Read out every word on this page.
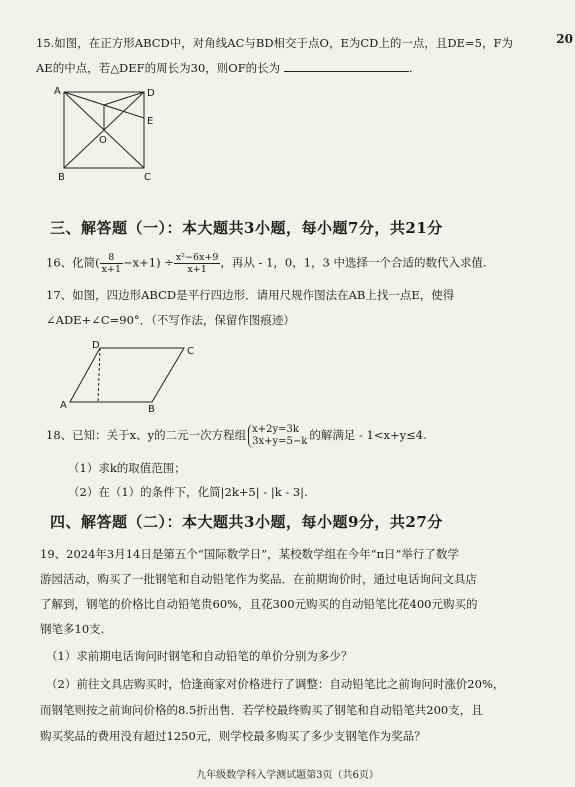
20
15.如图，在正方形ABCD中，对角线AC与BD相交于点O，E为CD上的一点，且DE=5，F为
AE的中点，若△DEF的周长为30，则OF的长为	.
A	D
E
O
B	C
三、解答题（一）：本大题共3小题，每小题7分，共21分
16、化简( $\frac{8}{x+1} -x+1) \div \frac{\text{x²−6x+9}}{x+1}$ ，再从 - 1，0，1，3 中选择一个合适的数代入求值.
17、如图，四边形ABCD是平行四边形．请用尺规作图法在AB上找一点E，使得
∠ADE+∠C=90°．（不写作法，保留作图痕迹）
A
D
C
B
18、已知：关于x、y的二元一次方程组 x+2y=3k
3x+y=5−k 的解满足 - 1<x+y≤4.
（1）求k的取值范围；
（2）在（1）的条件下，化简|2k+5| - |k - 3|.
四、解答题（二）：本大题共3小题，每小题9分，共27分
19、2024年3月14日是第五个“国际数学日”，某校数学组在今年“π日”举行了数学
游园活动，购买了一批钢笔和自动铅笔作为奖品．在前期询价时，通过电话询问文具店
了解到，钢笔的价格比自动铅笔贵60%，且花300元购买的自动铅笔比花400元购买的
钢笔多10支.
（1）求前期电话询问时钢笔和自动铅笔的单价分别为多少？
（2）前往文具店购买时，恰逢商家对价格进行了调整：自动铅笔比之前询问时涨价20%，
而钢笔则按之前询问价格的8.5折出售．若学校最终购买了钢笔和自动铅笔共200支，且
购买奖品的费用没有超过1250元，则学校最多购买了多少支钢笔作为奖品？
九年级数学科入学测试题第3页（共6页）
